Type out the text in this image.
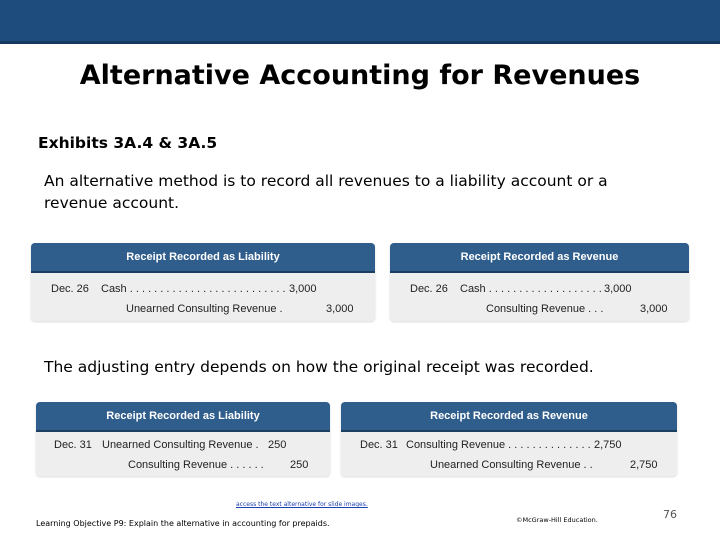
Alternative Accounting for Revenues
Exhibits 3A.4 & 3A.5
An alternative method is to record all revenues to a liability account or a revenue account.
Receipt Recorded as Liability
Dec. 26 Cash . . . . . . . . . . . . . . . . . . . . . . . . . . 3,000
Unearned Consulting Revenue .	3,000
Receipt Recorded as Revenue
Dec. 26 Cash . . . . . . . . . . . . . . . . . . . 3,000
Consulting Revenue . . .	3,000
The adjusting entry depends on how the original receipt was recorded.
Receipt Recorded as Liability
Dec. 31 Unearned Consulting Revenue . 250
Consulting Revenue . . . . . . 250
Receipt Recorded as Revenue
Dec. 31 Consulting Revenue . . . . . . . . . . . . . . 2,750
Unearned Consulting Revenue . .	2,750
access the text alternative for slide images.
Learning Objective P9: Explain the alternative in accounting for prepaids.	©McGraw-Hill Education.	76
